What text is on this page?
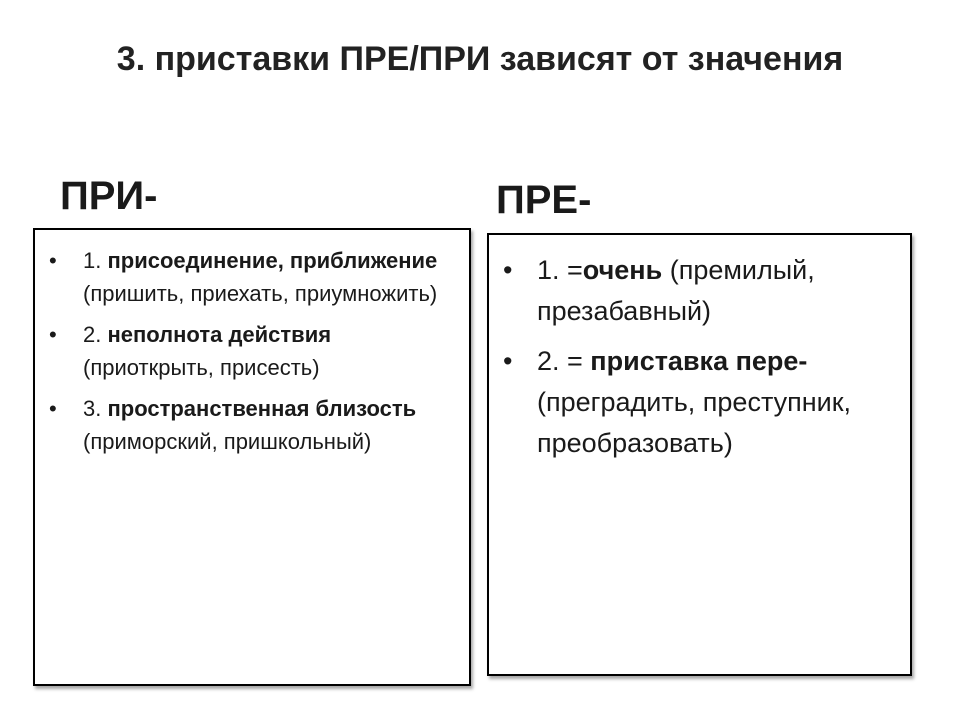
3. приставки ПРЕ/ПРИ зависят от значения
ПРИ-	ПРЕ-
• 1. присоединение, приближение (пришить, приехать, приумножить)
• 2. неполнота действия (приоткрыть, присесть)
• 3. пространственная близость (приморский, пришкольный)
• 1. =очень (премилый, презабавный)
• 2. = приставка пере- (преградить, преступник, преобразовать)
